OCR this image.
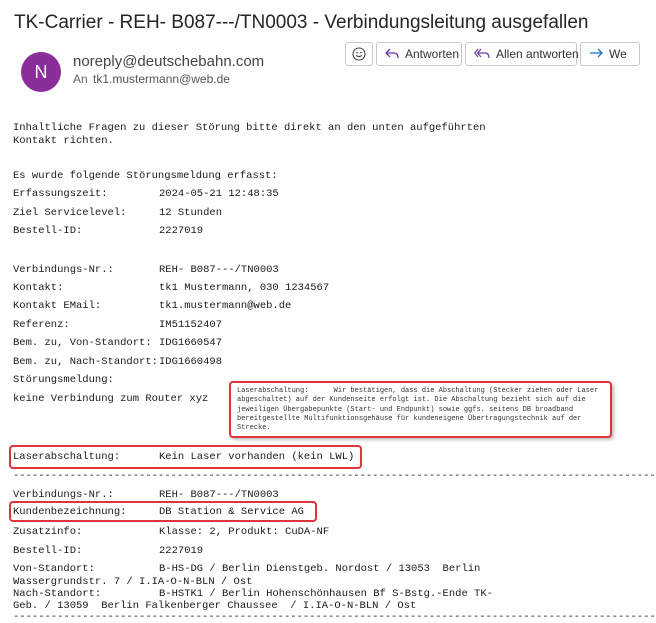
TK-Carrier - REH- B087---/TN0003 - Verbindungsleitung ausgefallen
N
noreply@deutschebahn.com
An tk1.mustermann@web.de
Antworten	Allen antworten	We
Inhaltliche Fragen zu dieser Störung bitte direkt an den unten aufgeführten
Kontakt richten.
Es wurde folgende Störungsmeldung erfasst:
Erfassungszeit:	2024-05-21 12:48:35
Ziel Servicelevel:	12 Stunden
Bestell-ID:	2227019
Verbindungs-Nr.:	REH- B087---/TN0003
Kontakt:	tk1 Mustermann, 030 1234567
Kontakt EMail:	tk1.mustermann@web.de
Referenz:	IM51152407
Bem. zu, Von-Standort: IDG1660547
Bem. zu, Nach-Standort: IDG1660498
Störungsmeldung:
keine Verbindung zum Router xyz
Laserabschaltung:	Kein Laser vorhanden (kein LWL)
------------------------------------------------------------------------------------------------------
Verbindungs-Nr.:	REH- B087---/TN0003
Kundenbezeichnung:	DB Station & Service AG
Zusatzinfo:	Klasse: 2, Produkt: CuDA-NF
Bestell-ID:	2227019
Von-Standort:	B-HS-DG / Berlin Dienstgeb. Nordost / 13053  Berlin
Wassergrundstr. 7 / I.IA-O-N-BLN / Ost
Nach-Standort:	B-HSTK1 / Berlin Hohenschönhausen Bf S-Bstg.-Ende TK-
Geb. / 13059  Berlin Falkenberger Chaussee  / I.IA-O-N-BLN / Ost
------------------------------------------------------------------------------------------------------
Laserabschaltung:      Wir bestätigen, dass die Abschaltung (Stecker ziehen oder Laser abgeschaltet) auf der Kundenseite erfolgt ist. Die Abschaltung bezieht sich auf die jeweiligen Übergabepunkte (Start- und Endpunkt) sowie ggfs. seitens DB broadband bereitgestellte Multifunktionsgehäuse für kundeneigene Übertragungstechnik auf der Strecke.
